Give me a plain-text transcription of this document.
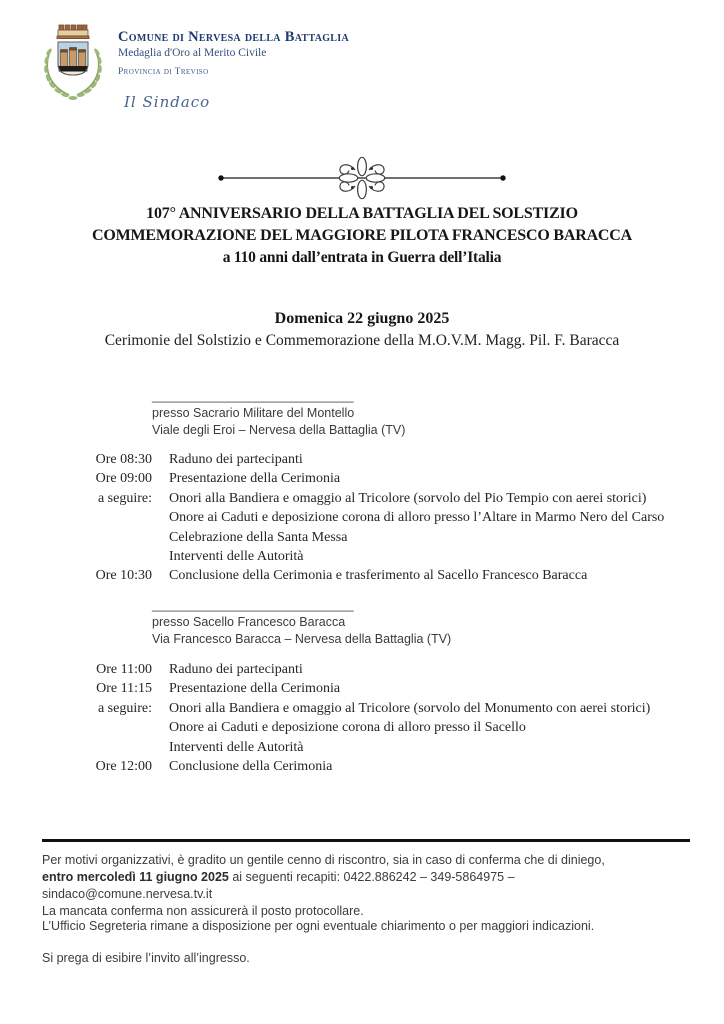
Comune di Nervesa della Battaglia
Medaglia d'Oro al Merito Civile
Provincia di Treviso
Il Sindaco
107° ANNIVERSARIO DELLA BATTAGLIA DEL SOLSTIZIO
COMMEMORAZIONE DEL MAGGIORE PILOTA FRANCESCO BARACCA
a 110 anni dall’entrata in Guerra dell’Italia
Domenica 22 giugno 2025
Cerimonie del Solstizio e Commemorazione della M.O.V.M. Magg. Pil. F. Baracca
_____________________________
presso Sacrario Militare del Montello
Viale degli Eroi – Nervesa della Battaglia (TV)
Ore 08:30 Raduno dei partecipanti
Ore 09:00 Presentazione della Cerimonia
a seguire: Onori alla Bandiera e omaggio al Tricolore (sorvolo del Pio Tempio con aerei storici)
Onore ai Caduti e deposizione corona di alloro presso l’Altare in Marmo Nero del Carso
Celebrazione della Santa Messa
Interventi delle Autorità
Ore 10:30 Conclusione della Cerimonia e trasferimento al Sacello Francesco Baracca
_____________________________
presso Sacello Francesco Baracca
Via Francesco Baracca – Nervesa della Battaglia (TV)
Ore 11:00 Raduno dei partecipanti
Ore 11:15 Presentazione della Cerimonia
a seguire: Onori alla Bandiera e omaggio al Tricolore (sorvolo del Monumento con aerei storici)
Onore ai Caduti e deposizione corona di alloro presso il Sacello
Interventi delle Autorità
Ore 12:00 Conclusione della Cerimonia
Per motivi organizzativi, è gradito un gentile cenno di riscontro, sia in caso di conferma che di diniego,
entro mercoledì 11 giugno 2025 ai seguenti recapiti: 0422.886242 – 349-5864975 – sindaco@comune.nervesa.tv.it
La mancata conferma non assicurerà il posto protocollare.
L’Ufficio Segreteria rimane a disposizione per ogni eventuale chiarimento o per maggiori indicazioni.
Si prega di esibire l’invito all’ingresso.
